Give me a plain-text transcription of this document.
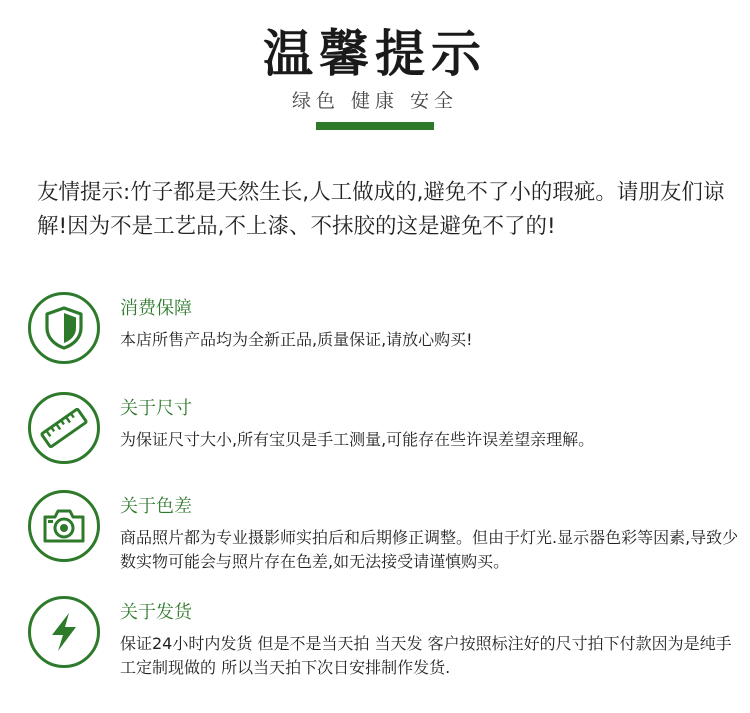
温馨提示
绿色 健康 安全
友情提示:竹子都是天然生长,人工做成的,避免不了小的瑕疵。请朋友们谅解!因为不是工艺品,不上漆、不抹胶的这是避免不了的!
消费保障
本店所售产品均为全新正品,质量保证,请放心购买!
关于尺寸
为保证尺寸大小,所有宝贝是手工测量,可能存在些许误差望亲理解。
关于色差
商品照片都为专业摄影师实拍后和后期修正调整。但由于灯光.显示器色彩等因素,导致少数实物可能会与照片存在色差,如无法接受请谨慎购买。
关于发货
保证24小时内发货 但是不是当天拍 当天发 客户按照标注好的尺寸拍下付款因为是纯手工定制现做的 所以当天拍下次日安排制作发货.
